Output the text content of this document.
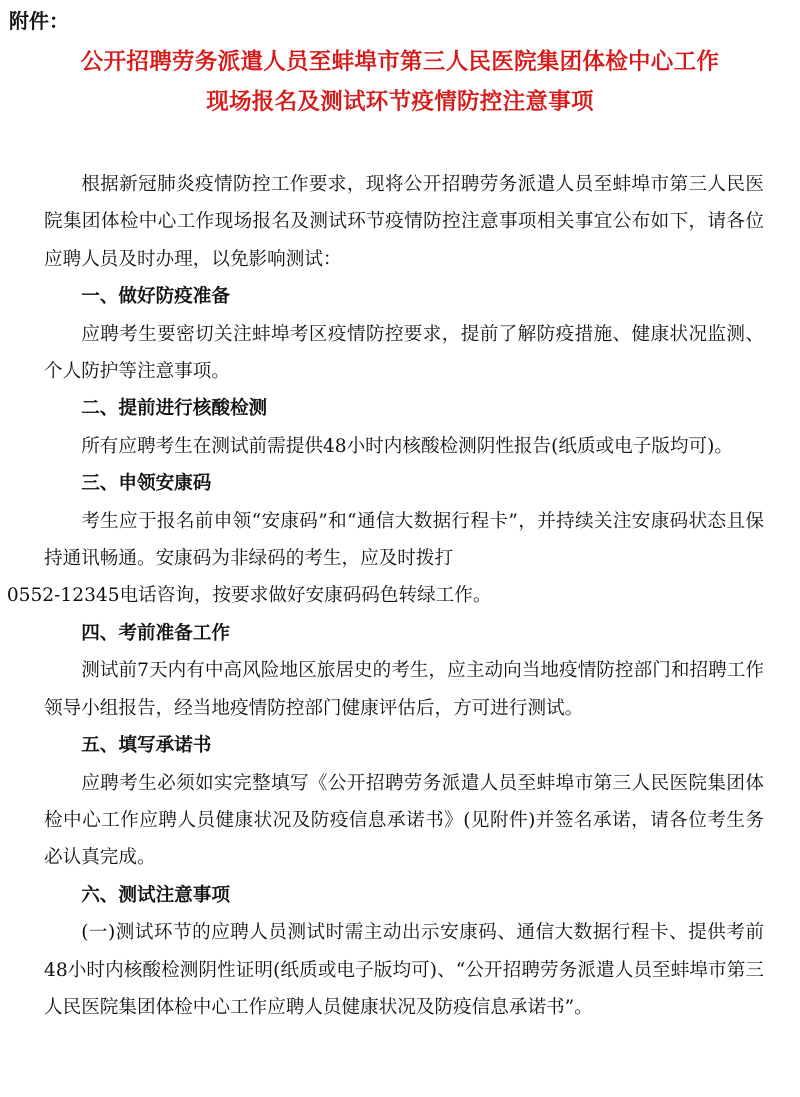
附件：
公开招聘劳务派遣人员至蚌埠市第三人民医院集团体检中心工作
现场报名及测试环节疫情防控注意事项

根据新冠肺炎疫情防控工作要求，现将公开招聘劳务派遣人员至蚌埠市第三人民医院集团体检中心工作现场报名及测试环节疫情防控注意事项相关事宜公布如下，请各位应聘人员及时办理，以免影响测试：

一、做好防疫准备

应聘考生要密切关注蚌埠考区疫情防控要求，提前了解防疫措施、健康状况监测、个人防护等注意事项。

二、提前进行核酸检测

所有应聘考生在测试前需提供48小时内核酸检测阴性报告(纸质或电子版均可)。

三、申领安康码

考生应于报名前申领“安康码”和“通信大数据行程卡”，并持续关注安康码状态且保持通讯畅通。安康码为非绿码的考生，应及时拨打
0552-12345电话咨询，按要求做好安康码码色转绿工作。

四、考前准备工作

测试前7天内有中高风险地区旅居史的考生，应主动向当地疫情防控部门和招聘工作领导小组报告，经当地疫情防控部门健康评估后，方可进行测试。

五、填写承诺书

应聘考生必须如实完整填写《公开招聘劳务派遣人员至蚌埠市第三人民医院集团体检中心工作应聘人员健康状况及防疫信息承诺书》(见附件)并签名承诺，请各位考生务必认真完成。

六、测试注意事项

(一)测试环节的应聘人员测试时需主动出示安康码、通信大数据行程卡、提供考前48小时内核酸检测阴性证明(纸质或电子版均可)、“公开招聘劳务派遣人员至蚌埠市第三人民医院集团体检中心工作应聘人员健康状况及防疫信息承诺书”。
